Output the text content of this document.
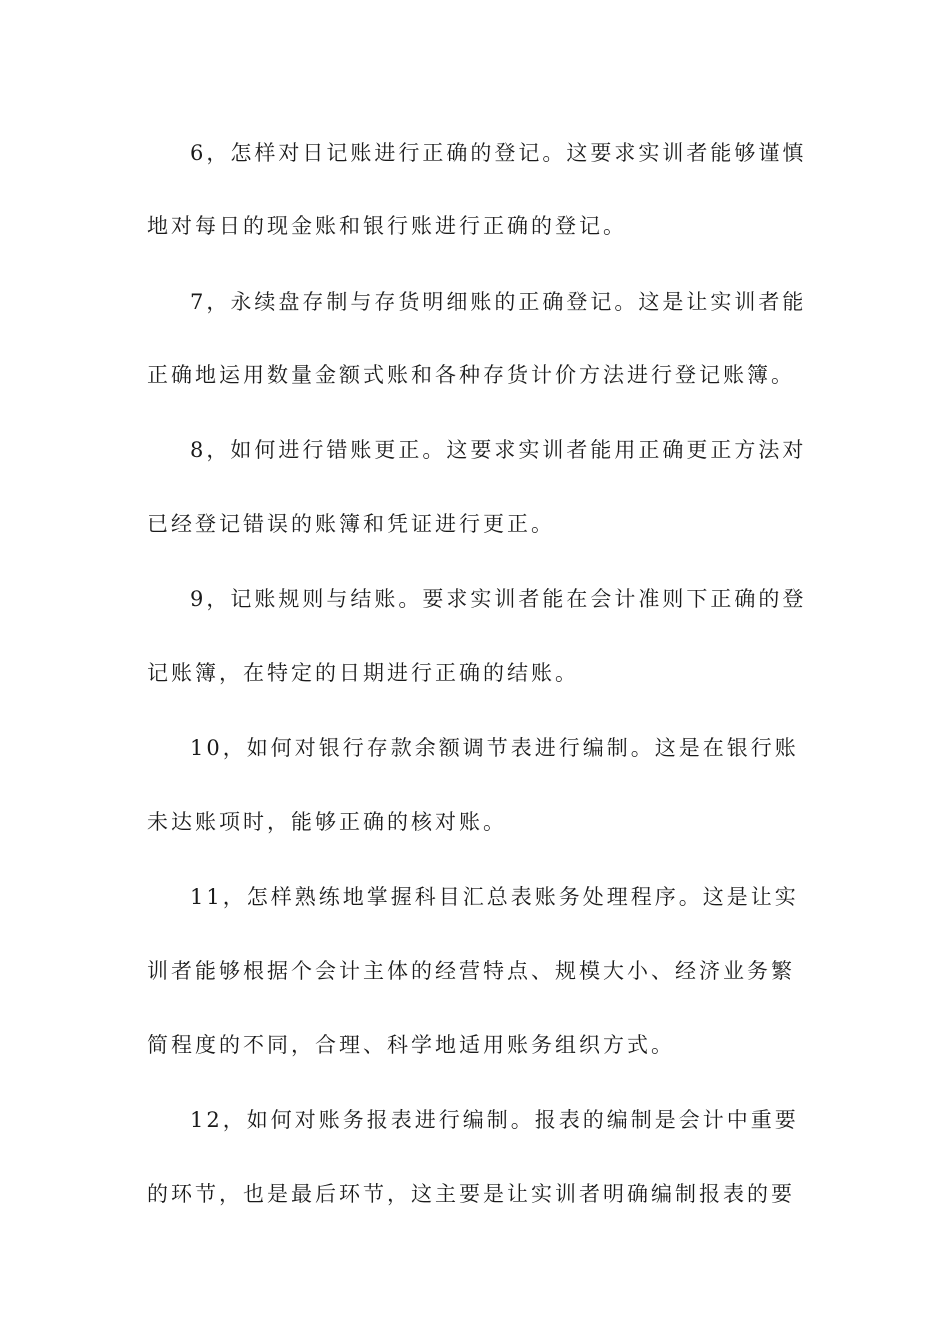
6，怎样对日记账进行正确的登记。这要求实训者能够谨慎
地对每日的现金账和银行账进行正确的登记。
7，永续盘存制与存货明细账的正确登记。这是让实训者能
正确地运用数量金额式账和各种存货计价方法进行登记账簿。
8，如何进行错账更正。这要求实训者能用正确更正方法对
已经登记错误的账簿和凭证进行更正。
9，记账规则与结账。要求实训者能在会计准则下正确的登
记账簿，在特定的日期进行正确的结账。
10，如何对银行存款余额调节表进行编制。这是在银行账
未达账项时，能够正确的核对账。
11，怎样熟练地掌握科目汇总表账务处理程序。这是让实
训者能够根据个会计主体的经营特点、规模大小、经济业务繁
简程度的不同，合理、科学地适用账务组织方式。
12，如何对账务报表进行编制。报表的编制是会计中重要
的环节，也是最后环节，这主要是让实训者明确编制报表的要
